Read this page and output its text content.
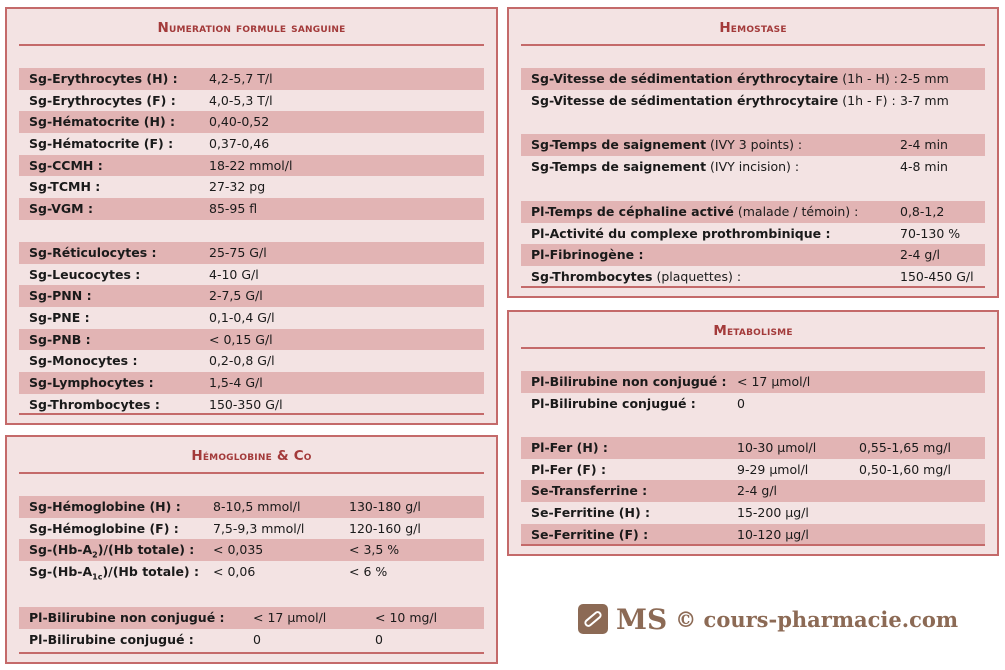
Numeration formule sanguine
Sg-Erythrocytes (H) :	4,2-5,7 T/l
Sg-Erythrocytes (F) :	4,0-5,3 T/l
Sg-Hématocrite (H) :	0,40-0,52
Sg-Hématocrite (F) :	0,37-0,46
Sg-CCMH :	18-22 mmol/l
Sg-TCMH :	27-32 pg
Sg-VGM :	85-95 fl
Sg-Réticulocytes :	25-75 G/l
Sg-Leucocytes :	4-10 G/l
Sg-PNN :	2-7,5 G/l
Sg-PNE :	0,1-0,4 G/l
Sg-PNB :	< 0,15 G/l
Sg-Monocytes :	0,2-0,8 G/l
Sg-Lymphocytes :	1,5-4 G/l
Sg-Thrombocytes :	150-350 G/l
Hémoglobine & Co
Sg-Hémoglobine (H) :	8-10,5 mmol/l	130-180 g/l
Sg-Hémoglobine (F) :	7,5-9,3 mmol/l	120-160 g/l
$Sg-(Hb-A_2)/(Hb$ totale) : < 0,035	< 3,5 %
$Sg-(Hb-A_{1c})/(Hb$ totale) : < 0,06	< 6 %
Pl-Bilirubine non conjugué : < 17 µmol/l	< 10 mg/l
Pl-Bilirubine conjugué :	0	0
Hemostase
Sg-Vitesse de sédimentation érythrocytaire (1h - H) : 2-5 mm
Sg-Vitesse de sédimentation érythrocytaire (1h - F) : 3-7 mm
Sg-Temps de saignement (IVY 3 points) :	2-4 min
Sg-Temps de saignement (IVY incision) :	4-8 min
Pl-Temps de céphaline activé (malade / témoin) :	0,8-1,2
Pl-Activité du complexe prothrombinique :	70-130 %
Pl-Fibrinogène :	2-4 g/l
Sg-Thrombocytes (plaquettes) :	150-450 G/l
Metabolisme
Pl-Bilirubine non conjugué : < 17 µmol/l
Pl-Bilirubine conjugué :	0
Pl-Fer (H) :	10-30 µmol/l	0,55-1,65 mg/l
Pl-Fer (F) :	9-29 µmol/l	0,50-1,60 mg/l
Se-Transferrine :	2-4 g/l
Se-Ferritine (H) :	15-200 µg/l
Se-Ferritine (F) :	10-120 µg/l
MS © cours-pharmacie.com
